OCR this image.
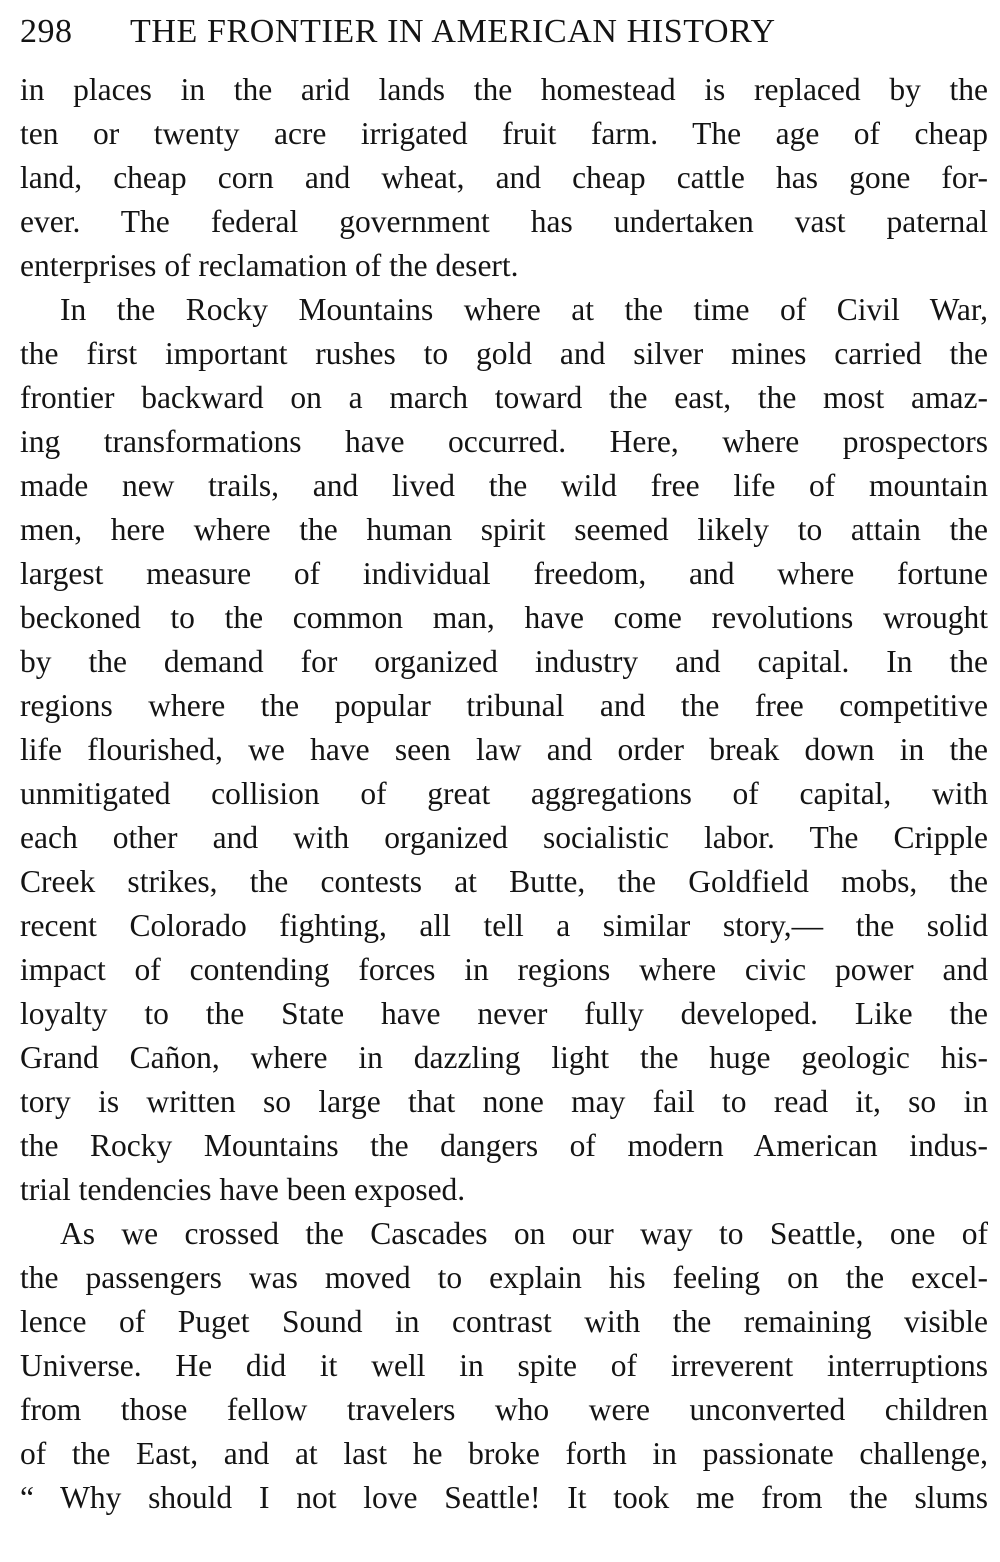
298	THE FRONTIER IN AMERICAN HISTORY
in places in the arid lands the homestead is replaced by the
ten or twenty acre irrigated fruit farm. The age of cheap
land, cheap corn and wheat, and cheap cattle has gone for-
ever. The federal government has undertaken vast paternal
enterprises of reclamation of the desert.
In the Rocky Mountains where at the time of Civil War,
the first important rushes to gold and silver mines carried the
frontier backward on a march toward the east, the most amaz-
ing transformations have occurred. Here, where prospectors
made new trails, and lived the wild free life of mountain
men, here where the human spirit seemed likely to attain the
largest measure of individual freedom, and where fortune
beckoned to the common man, have come revolutions wrought
by the demand for organized industry and capital. In the
regions where the popular tribunal and the free competitive
life flourished, we have seen law and order break down in the
unmitigated collision of great aggregations of capital, with
each other and with organized socialistic labor. The Cripple
Creek strikes, the contests at Butte, the Goldfield mobs, the
recent Colorado fighting, all tell a similar story,— the solid
impact of contending forces in regions where civic power and
loyalty to the State have never fully developed. Like the
Grand Cañon, where in dazzling light the huge geologic his-
tory is written so large that none may fail to read it, so in
the Rocky Mountains the dangers of modern American indus-
trial tendencies have been exposed.
As we crossed the Cascades on our way to Seattle, one of
the passengers was moved to explain his feeling on the excel-
lence of Puget Sound in contrast with the remaining visible
Universe. He did it well in spite of irreverent interruptions
from those fellow travelers who were unconverted children
of the East, and at last he broke forth in passionate challenge,
“ Why should I not love Seattle! It took me from the slums
